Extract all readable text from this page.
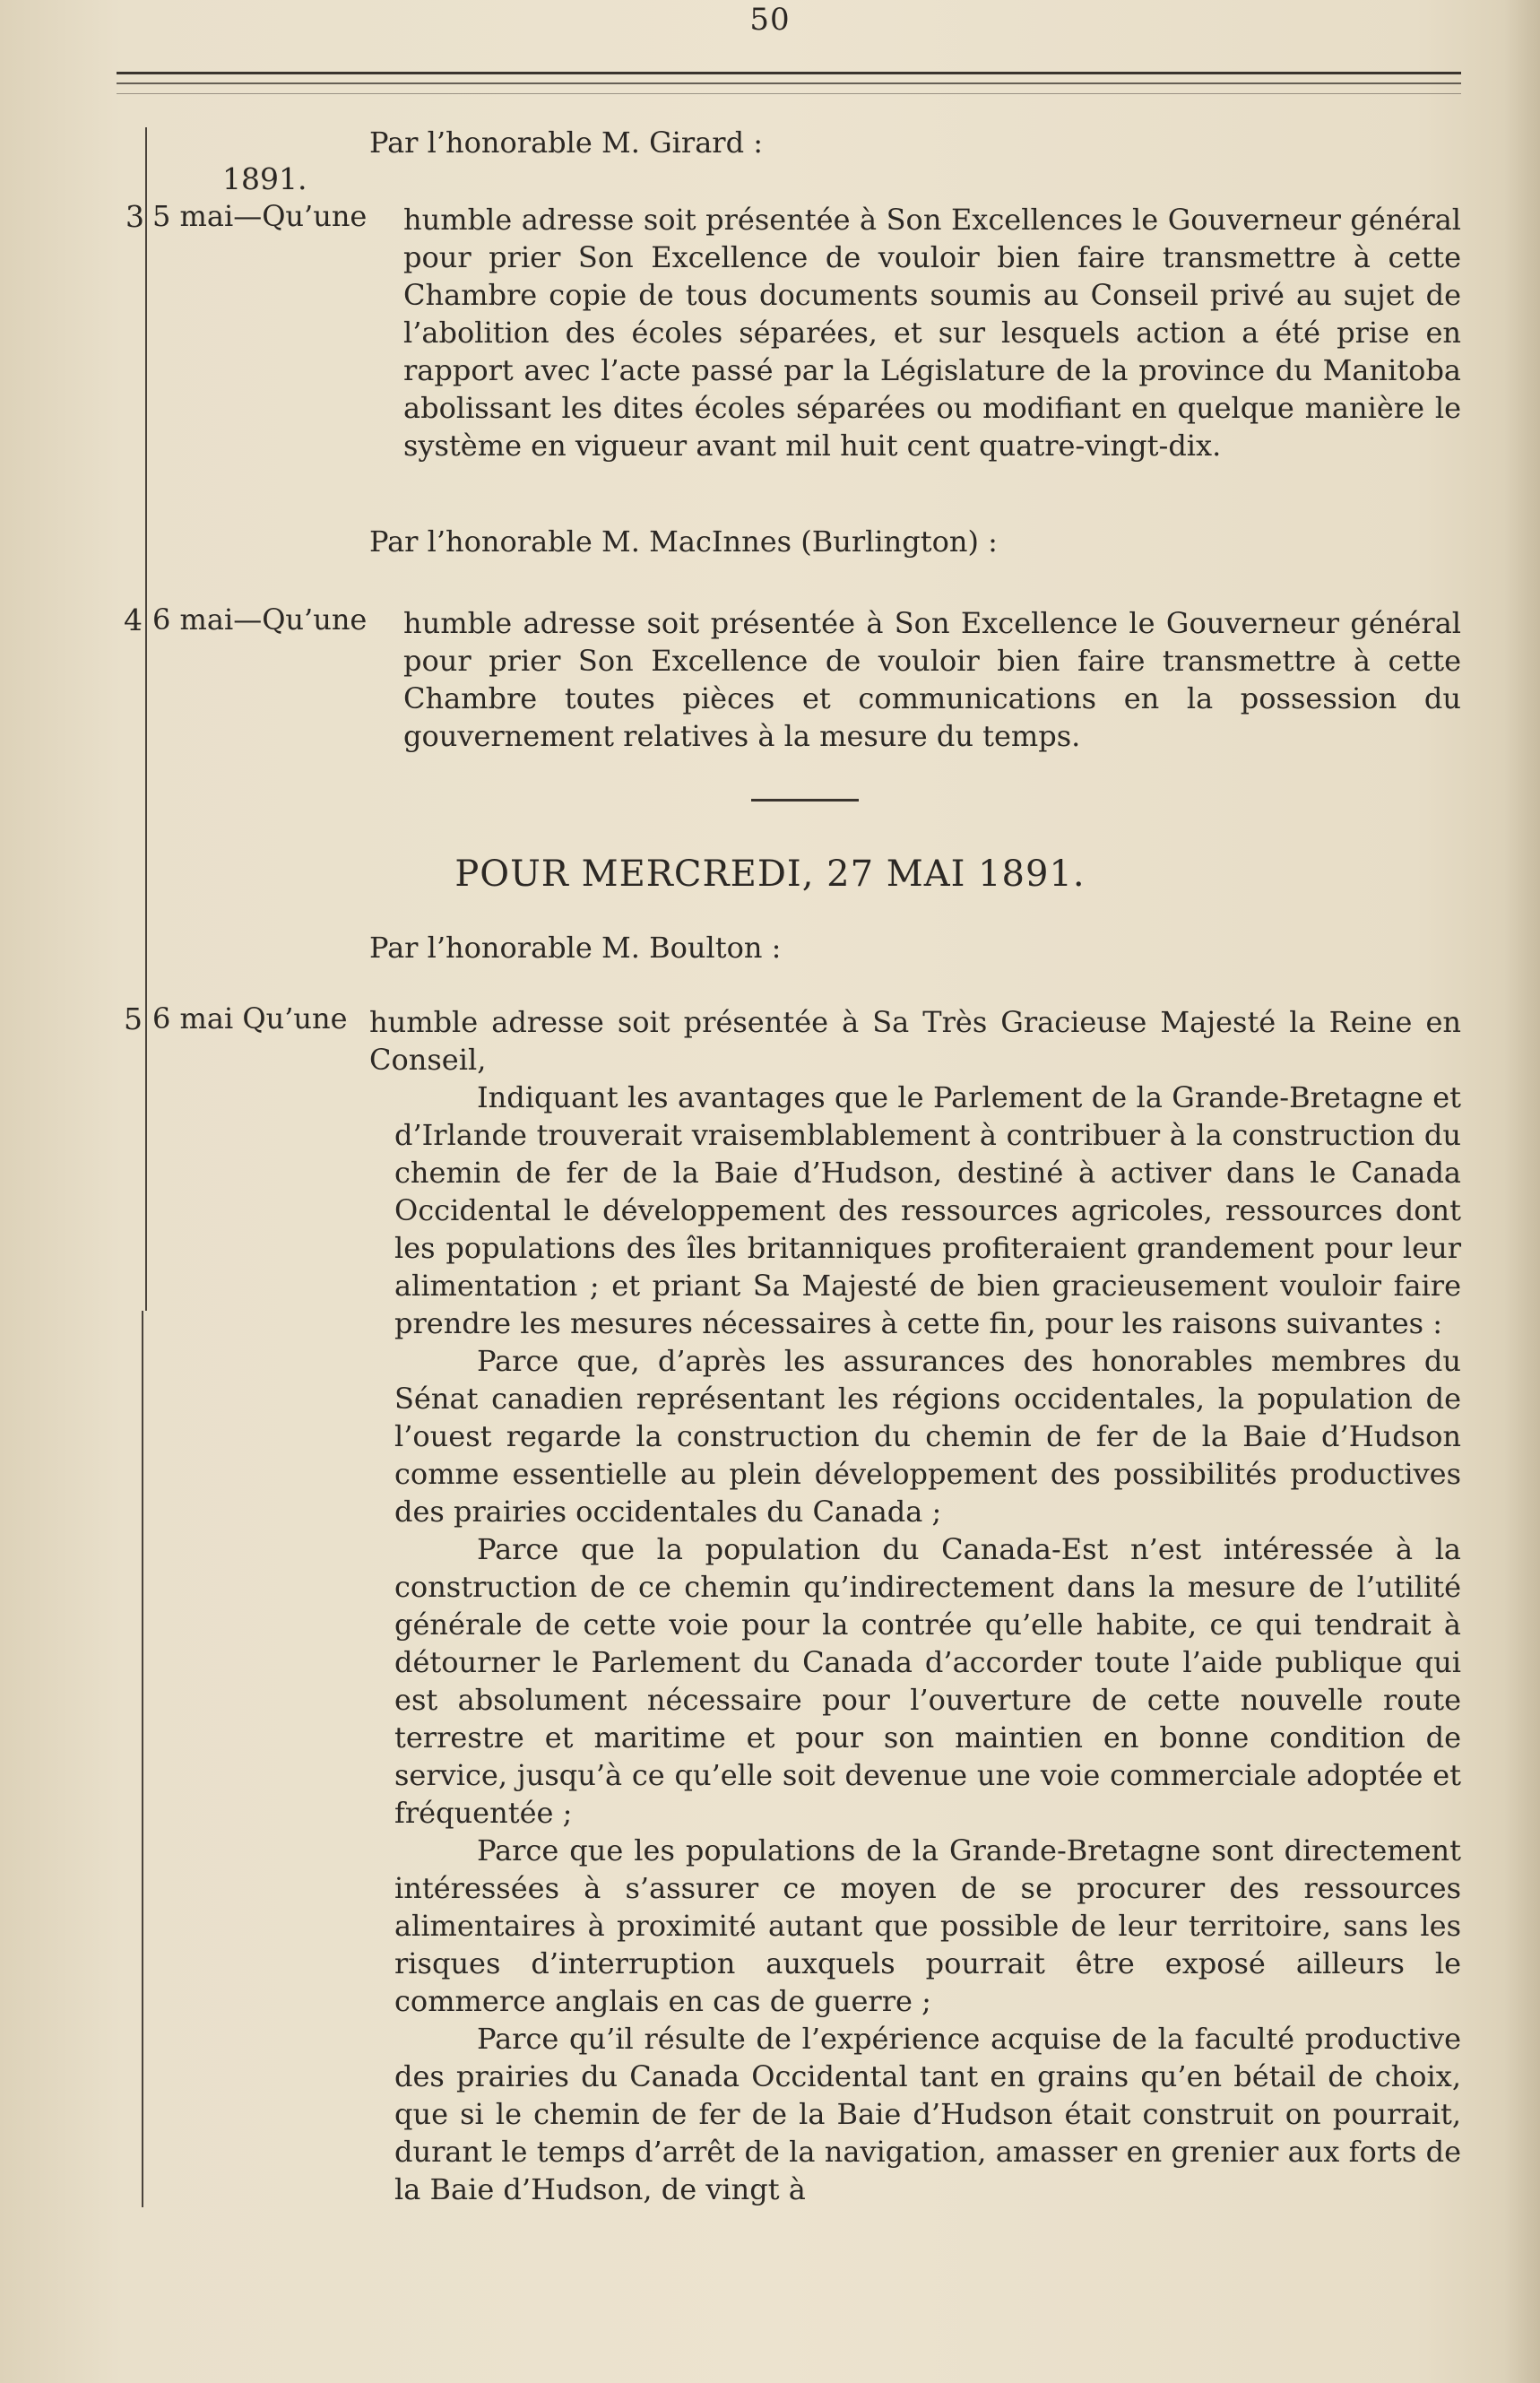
50
Par l’honorable M. Girard :
1891.
3 5 mai—Qu’une humble adresse soit présentée à Son Excellences le Gouverneur général pour prier Son Excellence de vouloir bien faire transmettre à cette Chambre copie de tous documents soumis au Conseil privé au sujet de l’abolition des écoles séparées, et sur lesquels action a été prise en rapport avec l’acte passé par la Législature de la province du Manitoba abolissant les dites écoles séparées ou modifiant en quelque manière le système en vigueur avant mil huit cent quatre-vingt-dix.
Par l’honorable M. MacInnes (Burlington) :
4 6 mai—Qu’une humble adresse soit présentée à Son Excellence le Gouverneur général pour prier Son Excellence de vouloir bien faire transmettre à cette Chambre toutes pièces et communications en la possession du gouvernement relatives à la mesure du temps.
POUR MERCREDI, 27 MAI 1891.
Par l’honorable M. Boulton :
5 6 mai Qu’une humble adresse soit présentée à Sa Très Gracieuse Majesté la Reine en Conseil,
Indiquant les avantages que le Parlement de la Grande-Bretagne et d’Irlande trouverait vraisemblablement à contribuer à la construction du chemin de fer de la Baie d’Hudson, destiné à activer dans le Canada Occidental le développement des ressources agricoles, ressources dont les populations des îles britanniques profiteraient grandement pour leur alimentation ; et priant Sa Majesté de bien gracieusement vouloir faire prendre les mesures nécessaires à cette fin, pour les raisons suivantes :
Parce que, d’après les assurances des honorables membres du Sénat canadien représentant les régions occidentales, la population de l’ouest regarde la construction du chemin de fer de la Baie d’Hudson comme essentielle au plein développement des possibilités productives des prairies occidentales du Canada ;
Parce que la population du Canada-Est n’est intéressée à la construction de ce chemin qu’indirectement dans la mesure de l’utilité générale de cette voie pour la contrée qu’elle habite, ce qui tendrait à détourner le Parlement du Canada d’accorder toute l’aide publique qui est absolument nécessaire pour l’ouverture de cette nouvelle route terrestre et maritime et pour son maintien en bonne condition de service, jusqu’à ce qu’elle soit devenue une voie commerciale adoptée et fréquentée ;
Parce que les populations de la Grande-Bretagne sont directement intéressées à s’assurer ce moyen de se procurer des ressources alimentaires à proximité autant que possible de leur territoire, sans les risques d’interruption auxquels pourrait être exposé ailleurs le commerce anglais en cas de guerre ;
Parce qu’il résulte de l’expérience acquise de la faculté productive des prairies du Canada Occidental tant en grains qu’en bétail de choix, que si le chemin de fer de la Baie d’Hudson était construit on pourrait, durant le temps d’arrêt de la navigation, amasser en grenier aux forts de la Baie d’Hudson, de vingt à
